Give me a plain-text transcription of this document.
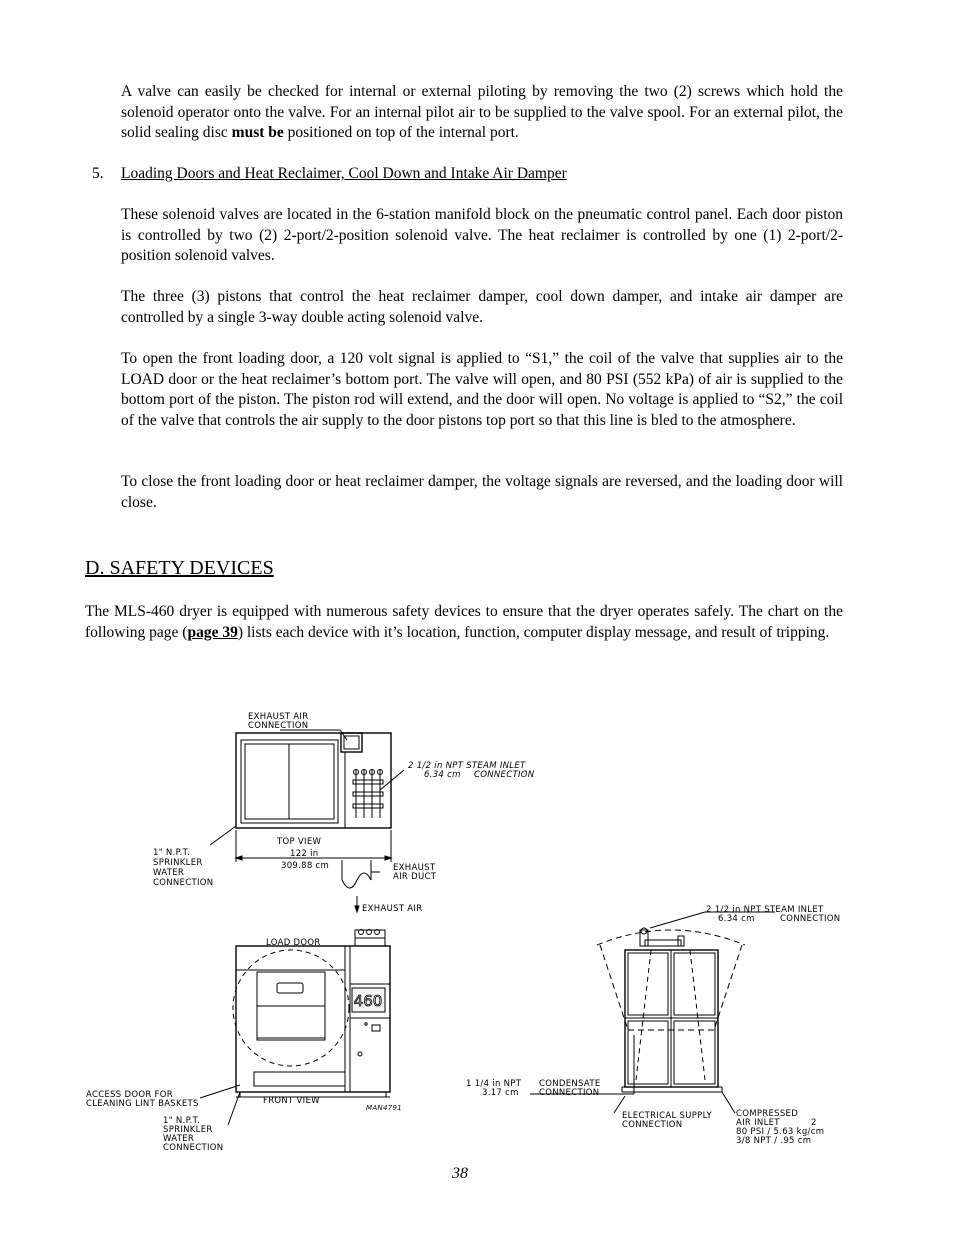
A valve can easily be checked for internal or external piloting by removing the two (2) screws which hold the solenoid operator onto the valve. For an internal pilot air to be supplied to the valve spool. For an external pilot, the solid sealing disc must be positioned on top of the internal port.

5. Loading Doors and Heat Reclaimer, Cool Down and Intake Air Damper

These solenoid valves are located in the 6-station manifold block on the pneumatic control panel. Each door piston is controlled by two (2) 2-port/2-position solenoid valve. The heat reclaimer is controlled by one (1) 2-port/2-position solenoid valves.

The three (3) pistons that control the heat reclaimer damper, cool down damper, and intake air damper are controlled by a single 3-way double acting solenoid valve.

To open the front loading door, a 120 volt signal is applied to “S1,” the coil of the valve that supplies air to the LOAD door or the heat reclaimer’s bottom port. The valve will open, and 80 PSI (552 kPa) of air is supplied to the bottom port of the piston. The piston rod will extend, and the door will open. No voltage is applied to “S2,” the coil of the valve that controls the air supply to the door pistons top port so that this line is bled to the atmosphere.

To close the front loading door or heat reclaimer damper, the voltage signals are reversed, and the loading door will close.

D. SAFETY DEVICES

The MLS-460 dryer is equipped with numerous safety devices to ensure that the dryer operates safely. The chart on the following page (page 39) lists each device with it’s location, function, computer display message, and result of tripping.

EXHAUST AIR
CONNECTION
2 1/2 in NPT STEAM INLET
6.34 cm CONNECTION
1" N.P.T.
SPRINKLER
WATER
CONNECTION
TOP VIEW
122 in
309.88 cm	EXHAUST
AIR DUCT
EXHAUST AIR
LOAD DOOR
460
FRONT VIEW
MAN4791
ACCESS DOOR FOR
CLEANING LINT BASKETS
1" N.P.T.
SPRINKLER
WATER
CONNECTION
2 1/2 in NPT STEAM INLET
6.34 cm	CONNECTION
1 1/4 in NPT
3.17 cm
CONDENSATE
CONNECTION
ELECTRICAL SUPPLY
CONNECTION
COMPRESSED
AIR INLET
80 PSI / 5.63 kg/cm
3/8 NPT / .95 cm
2
38
